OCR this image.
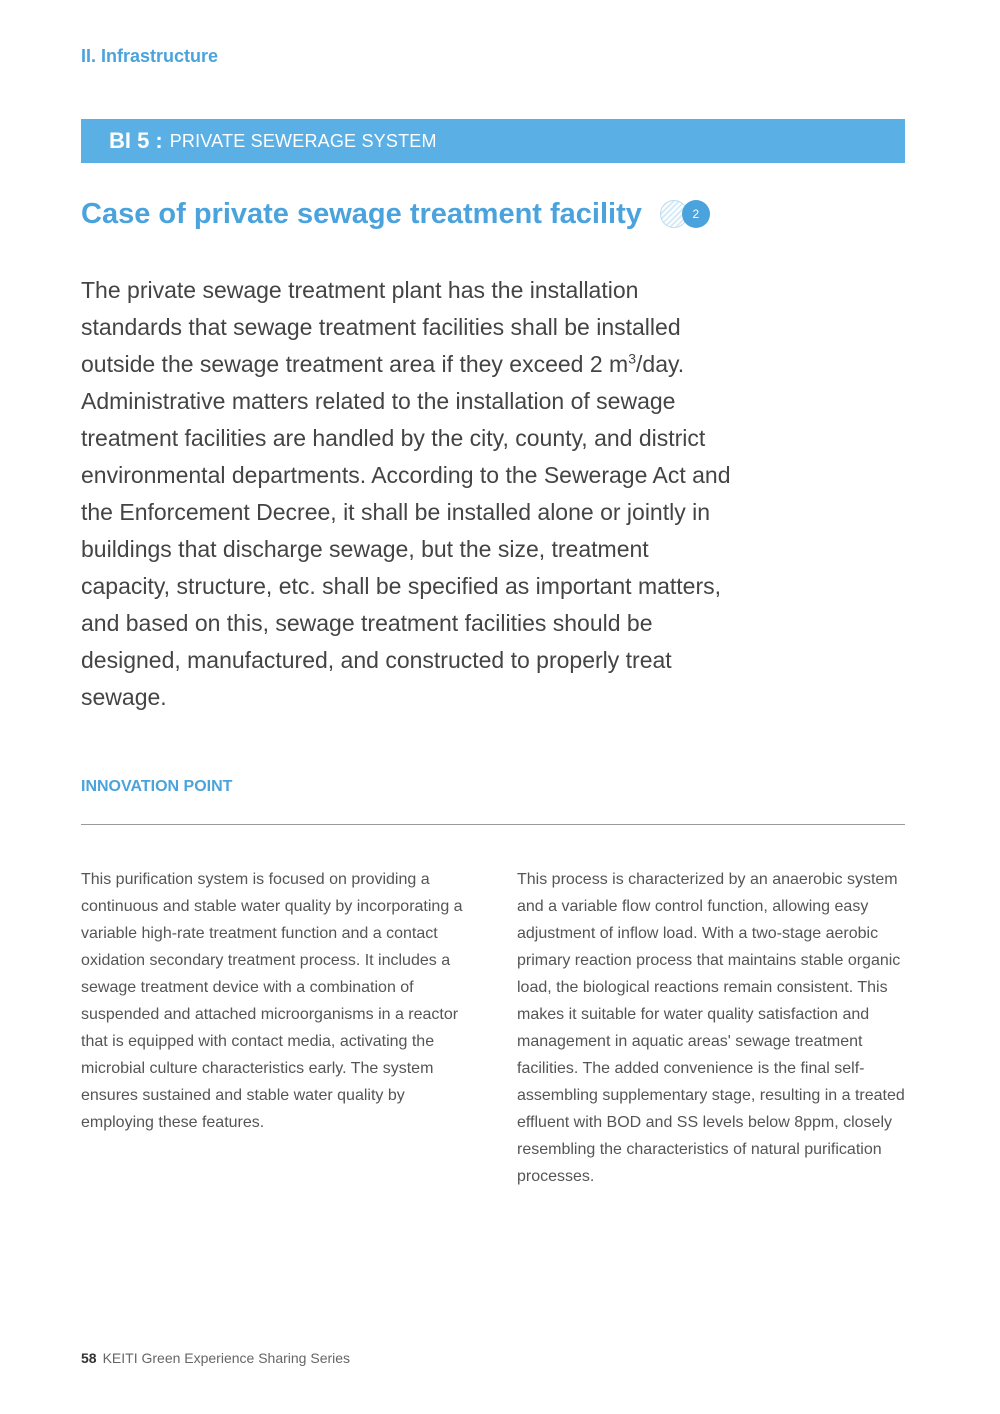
II. Infrastructure
BI 5 : PRIVATE SEWERAGE SYSTEM
Case of private sewage treatment facility	2

The private sewage treatment plant has the installation standards that sewage treatment facilities shall be installed outside the sewage treatment area if they exceed 2 $m^3$/day. Administrative matters related to the installation of sewage treatment facilities are handled by the city, county, and district environmental departments. According to the Sewerage Act and the Enforcement Decree, it shall be installed alone or jointly in buildings that discharge sewage, but the size, treatment capacity, structure, etc. shall be specified as important matters, and based on this, sewage treatment facilities should be designed, manufactured, and constructed to properly treat sewage.

INNOVATION POINT

This purification system is focused on providing a continuous and stable water quality by incorporating a variable high-rate treatment function and a contact oxidation secondary treatment process. It includes a sewage treatment device with a combination of suspended and attached microorganisms in a reactor that is equipped with contact media, activating the microbial culture characteristics early. The system ensures sustained and stable water quality by employing these features.

This process is characterized by an anaerobic system and a variable flow control function, allowing easy adjustment of inflow load. With a two-stage aerobic primary reaction process that maintains stable organic load, the biological reactions remain consistent. This makes it suitable for water quality satisfaction and management in aquatic areas' sewage treatment facilities. The added convenience is the final self-assembling supplementary stage, resulting in a treated effluent with BOD and SS levels below 8ppm, closely resembling the characteristics of natural purification processes.

58 KEITI Green Experience Sharing Series
